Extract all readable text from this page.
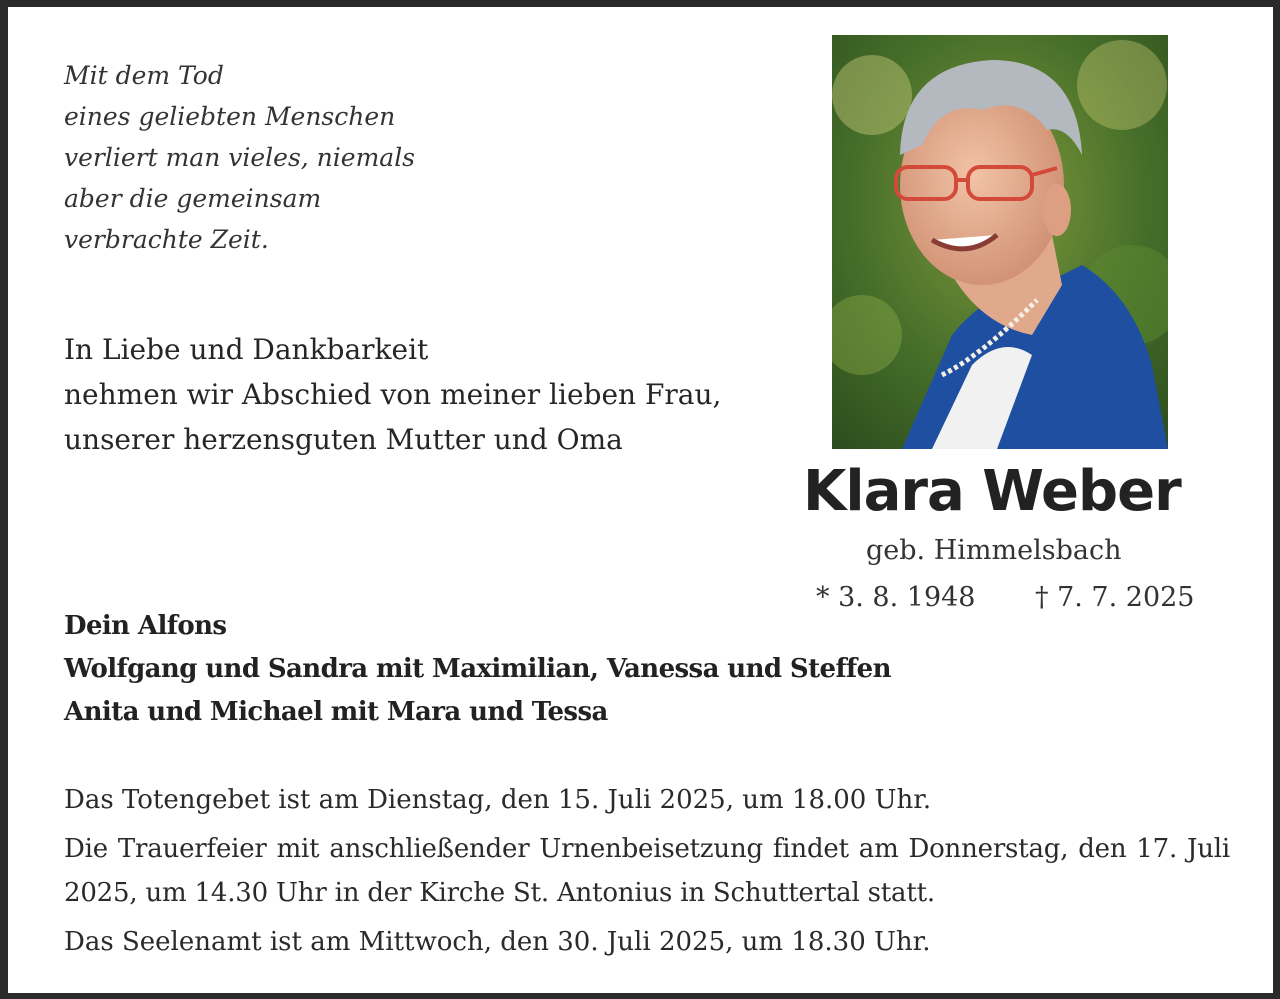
Mit dem Tod
eines geliebten Menschen
verliert man vieles, niemals
aber die gemeinsam
verbrachte Zeit.
In Liebe und Dankbarkeit
nehmen wir Abschied von meiner lieben Frau,
unserer herzensguten Mutter und Oma
Klara Weber
geb. Himmelsbach
* 3. 8. 1948 † 7. 7. 2025
Dein Alfons
Wolfgang und Sandra mit Maximilian, Vanessa und Steffen
Anita und Michael mit Mara und Tessa

Das Totengebet ist am Dienstag, den 15. Juli 2025, um 18.00 Uhr.

Die Trauerfeier mit anschließender Urnenbeisetzung findet am Donnerstag, den 17. Juli 2025, um 14.30 Uhr in der Kirche St. Antonius in Schuttertal statt.

Das Seelenamt ist am Mittwoch, den 30. Juli 2025, um 18.30 Uhr.
